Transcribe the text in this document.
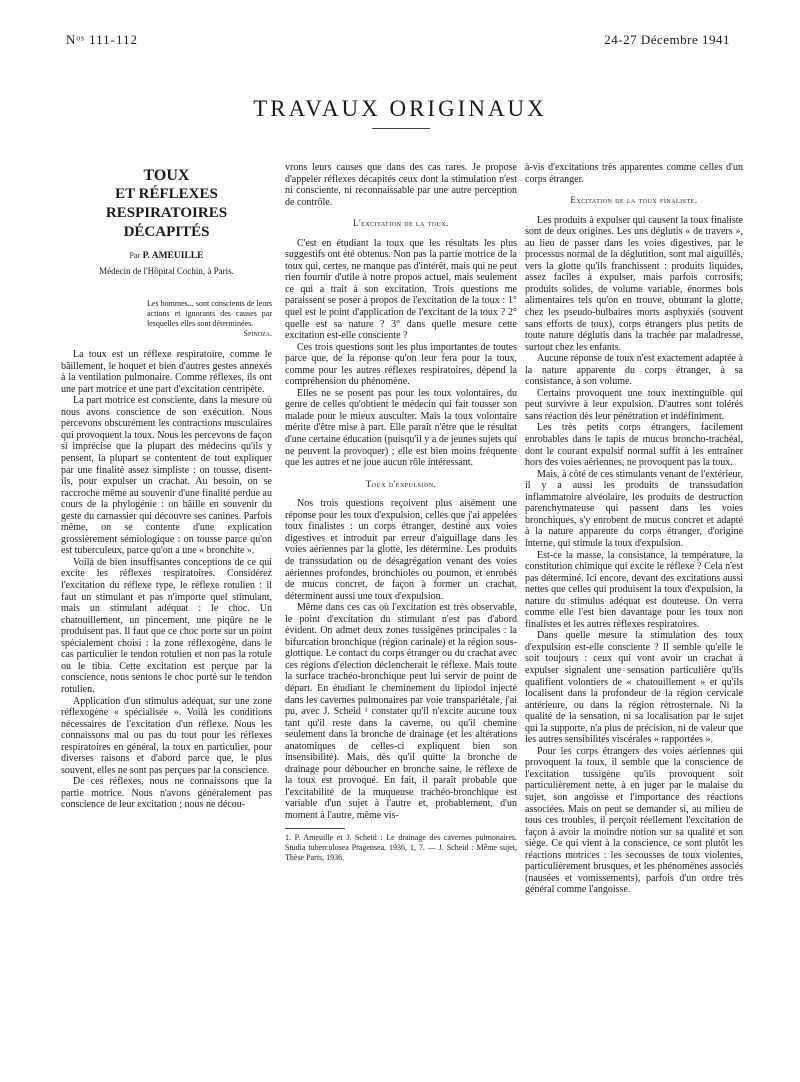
Nᵒˢ 111-112	24-27 Décembre 1941
TRAVAUX ORIGINAUX
TOUX
ET RÉFLEXES RESPIRATOIRES
DÉCAPITÉS
Par P. AMEUILLE
Médecin de l'Hôpital Cochin, à Paris.
Les hommes... sont conscients de leurs actions et ignorants des causes par lesquelles elles sont déterminées.
Spinoza.

La toux est un réflexe respiratoire, comme le bâillement, le hoquet et bien d'autres gestes annexés à la ventilation pulmonaire. Comme réflexes, ils ont une part motrice et une part d'excitation centripète.

La part motrice est consciente, dans la mesure où nous avons conscience de son exécution. Nous percevons obscurément les contractions musculaires qui provoquent la toux. Nous les percevons de façon si imprécise que la plupart des médecins qu'ils y pensent, la plupart se contentent de tout expliquer par une finalité assez simpliste : on tousse, disent-ils, pour expulser un crachat. Au besoin, on se raccroche même au souvenir d'une finalité perdue au cours de la phylogénie : on bâille en souvenir du geste du carnassier qui découvre ses canines. Parfois même, on se contente d'une explication grossièrement sémiologique : on tousse parce qu'on est tuberculeux, parce qu'on a une « bronchite ».

Voilà de bien insuffisantes conceptions de ce qui excite les réflexes respiratoires. Considérez l'excitation du réflexe type, le réflexe rotulien : il faut un stimulant et pas n'importe quel stimulant, mais un stimulant adéquat : le choc. Un chatouillement, un pincement, une piqûre ne le produisent pas. Il faut que ce choc porte sur un point spécialement choisi : la zone réflexogène, dans le cas particulier le tendon rotulien et non pas la rotule ou le tibia. Cette excitation est perçue par la conscience, nous sentons le choc porté sur le tendon rotulien.

Application d'un stimulus adéquat, sur une zone réflexogène « spécialisée ». Voilà les conditions nécessaires de l'excitation d'un réflexe. Nous les connaissons mal ou pas du tout pour les réflexes respiratoires en général, la toux en particulier, pour diverses raisons et d'abord parce que, le plus souvent, elles ne sont pas perçues par la conscience.

De ces réflexes, nous ne connaissons que la partie motrice. Nous n'avons généralement pas conscience de leur excitation ; nous ne décou-

vrons leurs causes que dans des cas rares. Je propose d'appeler réflexes décapités ceux dont la stimulation n'est ni consciente, ni reconnaissable par une autre perception de contrôle.

L'excitation de la toux.

C'est en étudiant la toux que les résultats les plus suggestifs ont été obtenus. Non pas la partie motrice de la toux qui, certes, ne manque pas d'intérêt, mais qui ne peut rien fournir d'utile à notre propos actuel, mais seulement ce qui a trait à son excitation. Trois questions me paraissent se poser à propos de l'excitation de la toux : 1° quel est le point d'application de l'excitant de la toux ? 2° quelle est sa nature ? 3° dans quelle mesure cette excitation est-elle consciente ?

Ces trois questions sont les plus importantes de toutes parce que, de la réponse qu'on leur fera pour la toux, comme pour les autres réflexes respiratoires, dépend la compréhension du phénomène.

Elles ne se posent pas pour les toux volontaires, du genre de celles qu'obtient le médecin qui fait tousser son malade pour le mieux ausculter. Mais la toux volontaire mérite d'être mise à part. Elle paraît n'être que le résultat d'une certaine éducation (puisqu'il y a de jeunes sujets qui ne peuvent la provoquer) ; elle est bien moins fréquente que les autres et ne joue aucun rôle intéressant.

Toux d'expulsion.

Nos trois questions reçoivent plus aisément une réponse pour les toux d'expulsion, celles que j'ai appelées toux finalistes : un corps étranger, destiné aux voies digestives et introduit par erreur d'aiguillage dans les voies aériennes par la glotte, les détermine. Les produits de transsudation ou de désagrégation venant des voies aériennes profondes, bronchioles ou poumon, et enrobés de mucus concret, de façon à former un crachat, déterminent aussi une toux d'expulsion.

Même dans ces cas où l'excitation est très observable, le point d'excitation du stimulant n'est pas d'abord évident. On admet deux zones tussigènes principales : la bifurcation bronchique (région carinale) et la région sous-glottique. Le contact du corps étranger ou du crachat avec ces régions d'élection déclencherait le réflexe. Mais toute la surface trachéo-bronchique peut lui servir de point de départ. En étudiant le cheminement du lipiodol injecté dans les cavernes pulmonaires par voie transpariétale, j'ai pu, avec J. Scheid ¹ constater qu'il n'excite aucune toux tant qu'il reste dans la caverne, ou qu'il chemine seulement dans la bronche de drainage (et les altérations anatomiques de celles-ci expliquent bien son insensibilité). Mais, dès qu'il quitte la bronche de drainage pour déboucher en bronche saine, le réflexe de la toux est provoqué. En fait, il paraît probable que l'excitabilité de la muqueuse trachéo-bronchique est variable d'un sujet à l'autre et, probablement, d'un moment à l'autre, même vis-

1. P. Ameuille et J. Scheid : Le drainage des cavernes pulmonaires. Studia tuberculosea Pragensea, 1936, 1, 7. — J. Scheid : Même sujet, Thèse Paris, 1936.

à-vis d'excitations très apparentes comme celles d'un corps étranger.

Excitation de la toux finaliste.

Les produits à expulser qui causent la toux finaliste sont de deux origines. Les uns déglutis « de travers », au lieu de passer dans les voies digestives, par le processus normal de la déglutition, sont mal aiguillés, vers la glotte qu'ils franchissent : produits liquides, assez faciles à expulser, mais parfois corrosifs; produits solides, de volume variable, énormes bols alimentaires tels qu'on en trouve, obturant la glotte, chez les pseudo-bulbaires morts asphyxiés (souvent sans efforts de toux), corps étrangers plus petits de toute nature déglutis dans la trachée par maladresse, surtout chez les enfants.

Aucune réponse de toux n'est exactement adaptée à la nature apparente du corps étranger, à sa consistance, à son volume.

Certains provoquent une toux inextinguible qui peut survivre à leur expulsion. D'autres sont tolérés sans réaction dès leur pénétration et indéfiniment.

Les très petits corps étrangers, facilement enrobables dans le tapis de mucus broncho-trachéal, dont le courant expulsif normal suffit à les entraîner hors des voies aériennes, ne provoquent pas la toux.

Mais, à côté de ces stimulants venant de l'extérieur, il y a aussi les produits de transsudation inflammatoire alvéolaire, les produits de destruction parenchymateuse qui passent dans les voies bronchiques, s'y enrobent de mucus concret et adapté à la nature apparente du corps étranger, d'origine interne, qui stimule la toux d'expulsion.

Est-ce la masse, la consistance, la température, la constitution chimique qui excite le réflexe ? Cela n'est pas déterminé. Ici encore, devant des excitations aussi nettes que celles qui produisent la toux d'expulsion, la nature du stimulus adéquat est douteuse. On verra comme elle l'est bien davantage pour les toux non finalistes et les autres réflexes respiratoires.

Dans quelle mesure la stimulation des toux d'expulsion est-elle consciente ? Il semble qu'elle le soit toujours : ceux qui vont avoir un crachat à expulser signalent une sensation particulière qu'ils qualifient volontiers de « chatouillement » et qu'ils localisent dans la profondeur de la région cervicale antérieure, ou dans la région rétrosternale. Ni la qualité de la sensation, ni sa localisation par le sujet qui la supporte, n'a plus de précision, ni de valeur que les autres sensibilités viscérales « rapportées ».

Pour les corps étrangers des voies aériennes qui provoquent la toux, il semble que la conscience de l'excitation tussigène qu'ils provoquent soit particulièrement nette, à en juger par le malaise du sujet, son angoisse et l'importance des réactions associées. Mais on peut se demander si, au milieu de tous ces troubles, il perçoit réellement l'excitation de façon à avoir la moindre notion sur sa qualité et son siège. Ce qui vient à la conscience, ce sont plutôt les réactions motrices : les secousses de toux violentes, particulièrement brusques, et les phénomènes associés (nausées et vomissements), parfois d'un ordre très général comme l'angoisse.
